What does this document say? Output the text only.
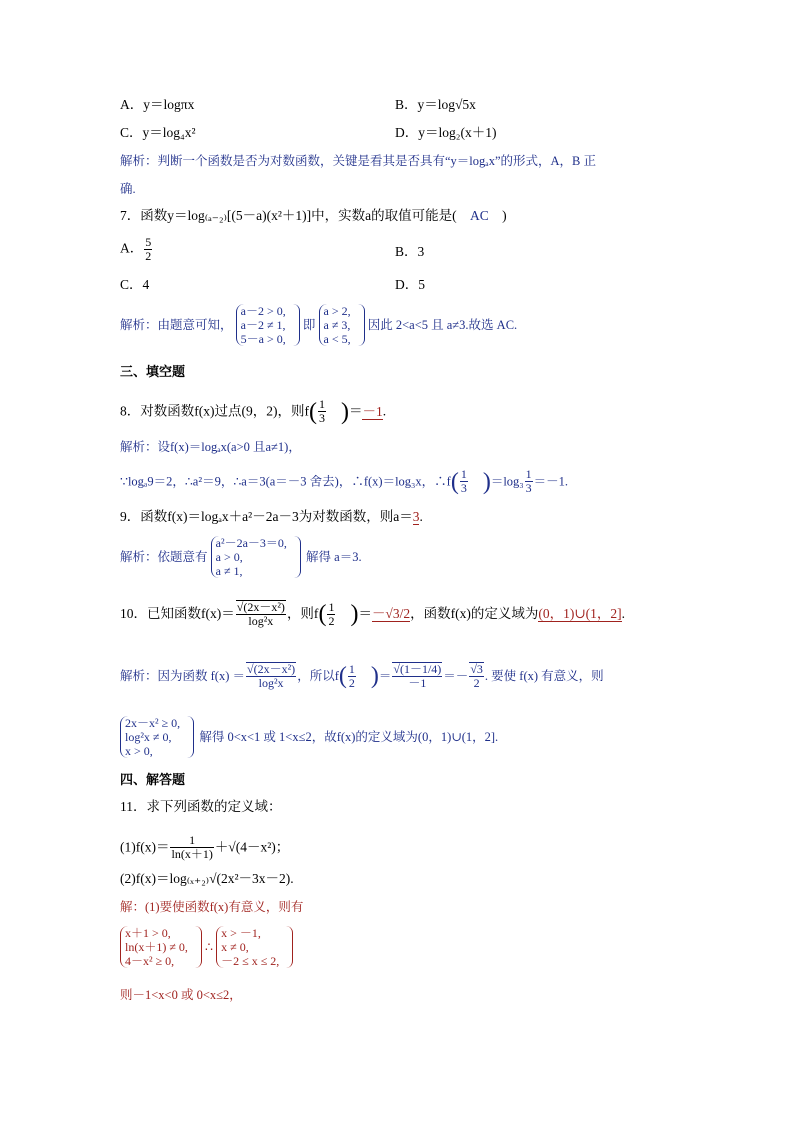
A．y＝logπx	B．y＝log√5x
C．y＝log₄x²	D．y＝log₂(x＋1)
解析：判断一个函数是否为对数函数，关键是看其是否具有“y＝logₐx”的形式，A，B 正
确.
7．函数y＝log₍ₐ₋₂₎[(5－a)(x²＋1)]中，实数a的取值可能是( AC )
A． $\frac{5}{2}$	B．3
C．4	D．5
解析：由题意可知，
a－2 > 0,
a－2 ≠ 1,
5－a > 0,
即
a > 2,
a ≠ 3,
a < 5,
因此 2<a<5 且 a≠3.故选 AC.
三、填空题
8．对数函数f(x)过点(9，2)，则$f( \frac{1}{3} )=-1$.
解析：设f(x)＝logₐx(a>0 且a≠1)，
∵logₐ9＝2，∴a²＝9，∴a＝3(a＝－3 舍去)，∴f(x)＝log₃x，∴f( $\frac{1}{3} )=\log_3 \frac{1}{3} =-1$.
9．函数f(x)＝logₐx＋a²－2a－3为对数函数，则a＝3.
解析：依题意有
a²－2a－3＝0,
a > 0,
a ≠ 1,
解得 a＝3.
10．已知函数$f(x)= \frac{\text{√(2x－x²)}}{\text{log²x}}$ ，则$f( \frac{1}{2} )=-√3/2$，函数f(x)的定义域为(0，1)∪(1，2].
解析：因为函数 $f(x) = \frac{\text{√(2x－x²)}}{\text{log²x}}$ ，所以$f( \frac{1}{2}$ )＝ $\frac{√(1-1/4)}{-1} =- \frac{√3}{2}$ . 要使 f(x) 有意义，则
2x－x² ≥ 0,
log²x ≠ 0,
x > 0,
解得 0<x<1 或 1<x≤2，故f(x)的定义域为(0，1)∪(1，2].
四、解答题
11．求下列函数的定义域：
$(1)f(x)= \frac{1}{\ln(x+1)} +√(4-x^2)$；
(2)f(x)＝log₍ₓ₊₂₎√(2x²－3x－2).
解：(1)要使函数f(x)有意义，则有
x＋1 > 0,
ln(x＋1) ≠ 0,
4－x² ≥ 0,
∴
x > －1,
x ≠ 0,
－2 ≤ x ≤ 2,
则－1<x<0 或 0<x≤2，
